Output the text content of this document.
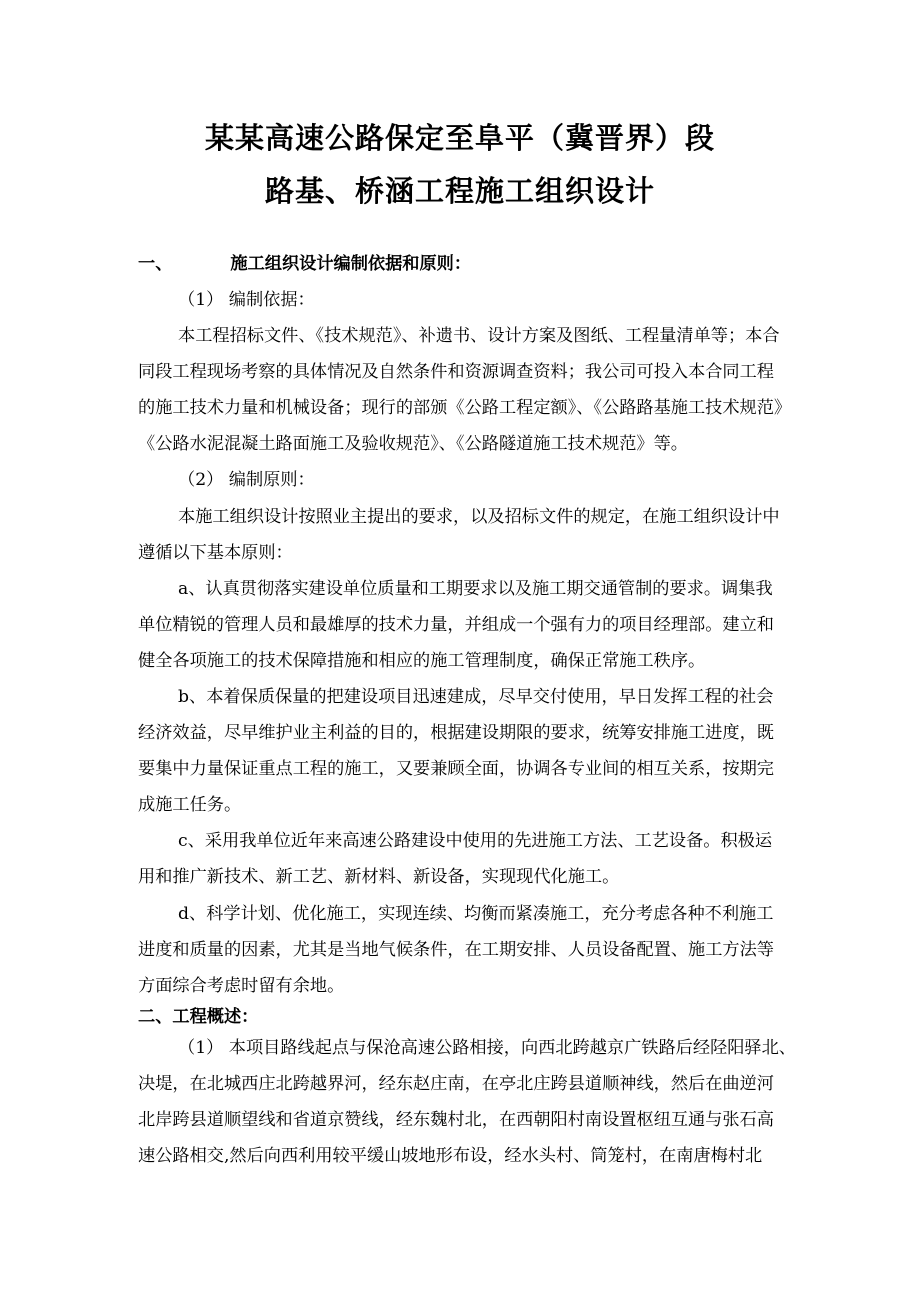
某某高速公路保定至阜平（冀晋界）段
路基、桥涵工程施工组织设计
一、	施工组织设计编制依据和原则：
（1） 编制依据：
本工程招标文件、《技术规范》、补遗书、设计方案及图纸、工程量清单等；本合
同段工程现场考察的具体情况及自然条件和资源调查资料；我公司可投入本合同工程
的施工技术力量和机械设备；现行的部颁《公路工程定额》、《公路路基施工技术规范》
《公路水泥混凝土路面施工及验收规范》、《公路隧道施工技术规范》等。
（2） 编制原则：
本施工组织设计按照业主提出的要求，以及招标文件的规定，在施工组织设计中
遵循以下基本原则：
a、认真贯彻落实建设单位质量和工期要求以及施工期交通管制的要求。调集我
单位精锐的管理人员和最雄厚的技术力量，并组成一个强有力的项目经理部。建立和
健全各项施工的技术保障措施和相应的施工管理制度，确保正常施工秩序。
b、本着保质保量的把建设项目迅速建成，尽早交付使用，早日发挥工程的社会
经济效益，尽早维护业主利益的目的，根据建设期限的要求，统筹安排施工进度，既
要集中力量保证重点工程的施工，又要兼顾全面，协调各专业间的相互关系，按期完
成施工任务。
c、采用我单位近年来高速公路建设中使用的先进施工方法、工艺设备。积极运
用和推广新技术、新工艺、新材料、新设备，实现现代化施工。
d、科学计划、优化施工，实现连续、均衡而紧凑施工，充分考虑各种不利施工
进度和质量的因素，尤其是当地气候条件，在工期安排、人员设备配置、施工方法等
方面综合考虑时留有余地。
二、工程概述：
（1） 本项目路线起点与保沧高速公路相接，向西北跨越京广铁路后经陉阳驿北、
决堤，在北城西庄北跨越界河，经东赵庄南，在亭北庄跨县道顺神线，然后在曲逆河
北岸跨县道顺望线和省道京赞线，经东魏村北，在西朝阳村南设置枢纽互通与张石高
速公路相交,然后向西利用较平缓山坡地形布设，经水头村、筒笼村，在南唐梅村北
